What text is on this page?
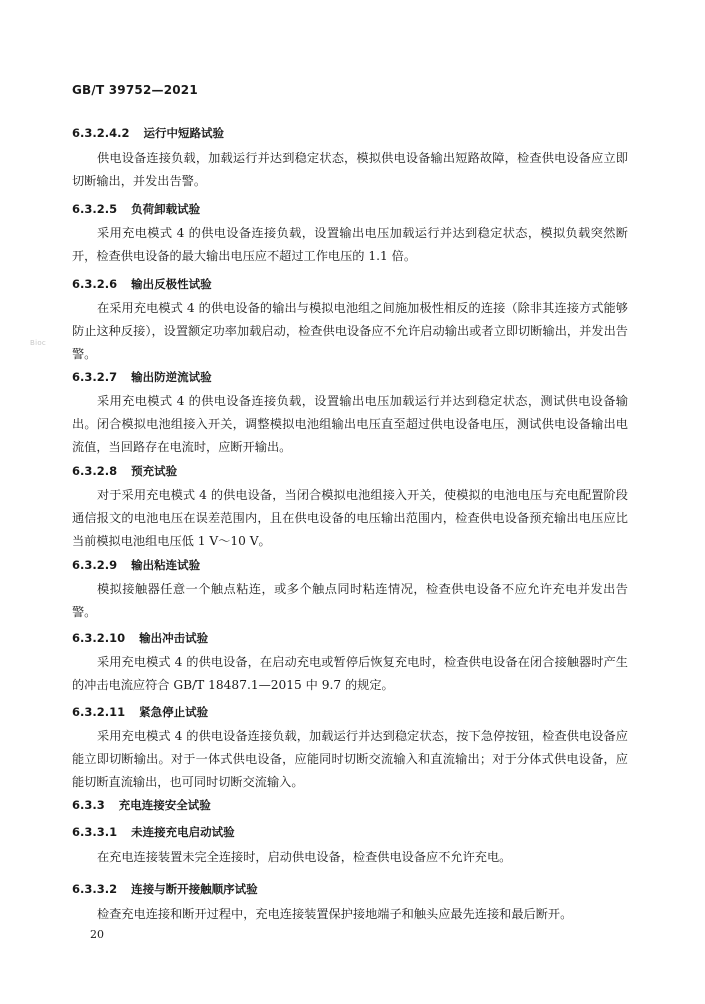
GB/T 39752—2021
Bioc
6.3.2.4.2 运行中短路试验

供电设备连接负载，加载运行并达到稳定状态，模拟供电设备输出短路故障，检查供电设备应立即切断输出，并发出告警。

6.3.2.5 负荷卸载试验

采用充电模式 4 的供电设备连接负载，设置输出电压加载运行并达到稳定状态，模拟负载突然断开，检查供电设备的最大输出电压应不超过工作电压的 1.1 倍。

6.3.2.6 输出反极性试验

在采用充电模式 4 的供电设备的输出与模拟电池组之间施加极性相反的连接（除非其连接方式能够防止这种反接），设置额定功率加载启动，检查供电设备应不允许启动输出或者立即切断输出，并发出告警。

6.3.2.7 输出防逆流试验

采用充电模式 4 的供电设备连接负载，设置输出电压加载运行并达到稳定状态，测试供电设备输出。闭合模拟电池组接入开关，调整模拟电池组输出电压直至超过供电设备电压，测试供电设备输出电流值，当回路存在电流时，应断开输出。

6.3.2.8 预充试验

对于采用充电模式 4 的供电设备，当闭合模拟电池组接入开关，使模拟的电池电压与充电配置阶段通信报文的电池电压在误差范围内，且在供电设备的电压输出范围内，检查供电设备预充输出电压应比当前模拟电池组电压低 1 V～10 V。

6.3.2.9 输出粘连试验

模拟接触器任意一个触点粘连，或多个触点同时粘连情况，检查供电设备不应允许充电并发出告警。

6.3.2.10 输出冲击试验

采用充电模式 4 的供电设备，在启动充电或暂停后恢复充电时，检查供电设备在闭合接触器时产生的冲击电流应符合 GB/T 18487.1—2015 中 9.7 的规定。

6.3.2.11 紧急停止试验

采用充电模式 4 的供电设备连接负载，加载运行并达到稳定状态，按下急停按钮，检查供电设备应能立即切断输出。对于一体式供电设备，应能同时切断交流输入和直流输出；对于分体式供电设备，应能切断直流输出，也可同时切断交流输入。

6.3.3 充电连接安全试验
6.3.3.1 未连接充电启动试验

在充电连接装置未完全连接时，启动供电设备，检查供电设备应不允许充电。

6.3.3.2 连接与断开接触顺序试验

检查充电连接和断开过程中，充电连接装置保护接地端子和触头应最先连接和最后断开。

20
